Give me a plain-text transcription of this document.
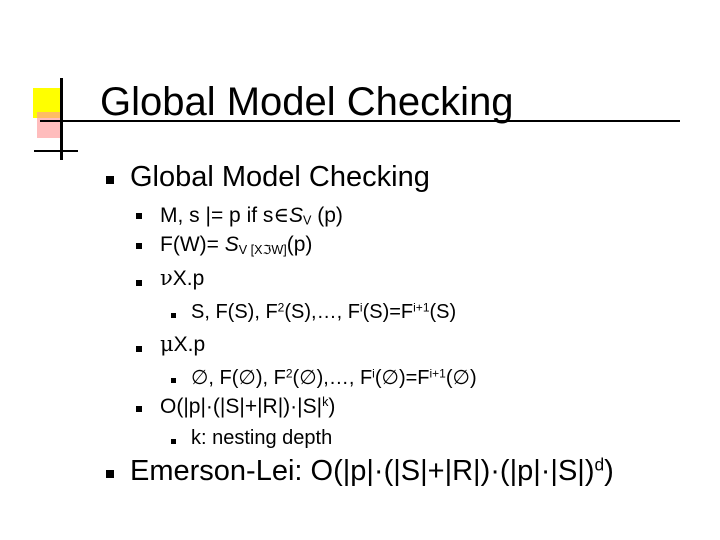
Global Model Checking
Global Model Checking
M, s |= p if $s\in S_V$ (p)
$F(W)= S_{V [XℑW]}(p)$
νX.p
S, F(S), $F^2(S),\dots$, $F^i(S)=F^{i+1}(S)$
μX.p
∅, F(∅), $F^2(\emptyset),\dots$, $F^i(\emptyset)=F^{i+1}(\emptyset)$
$O(|p|\cdot(|S|+|R|)\cdot|S|^k)$
k: nesting depth
Emerson-Lei: $O(|p|\cdot(|S|+|R|)\cdot(|p|\cdot|S|)^d)$
